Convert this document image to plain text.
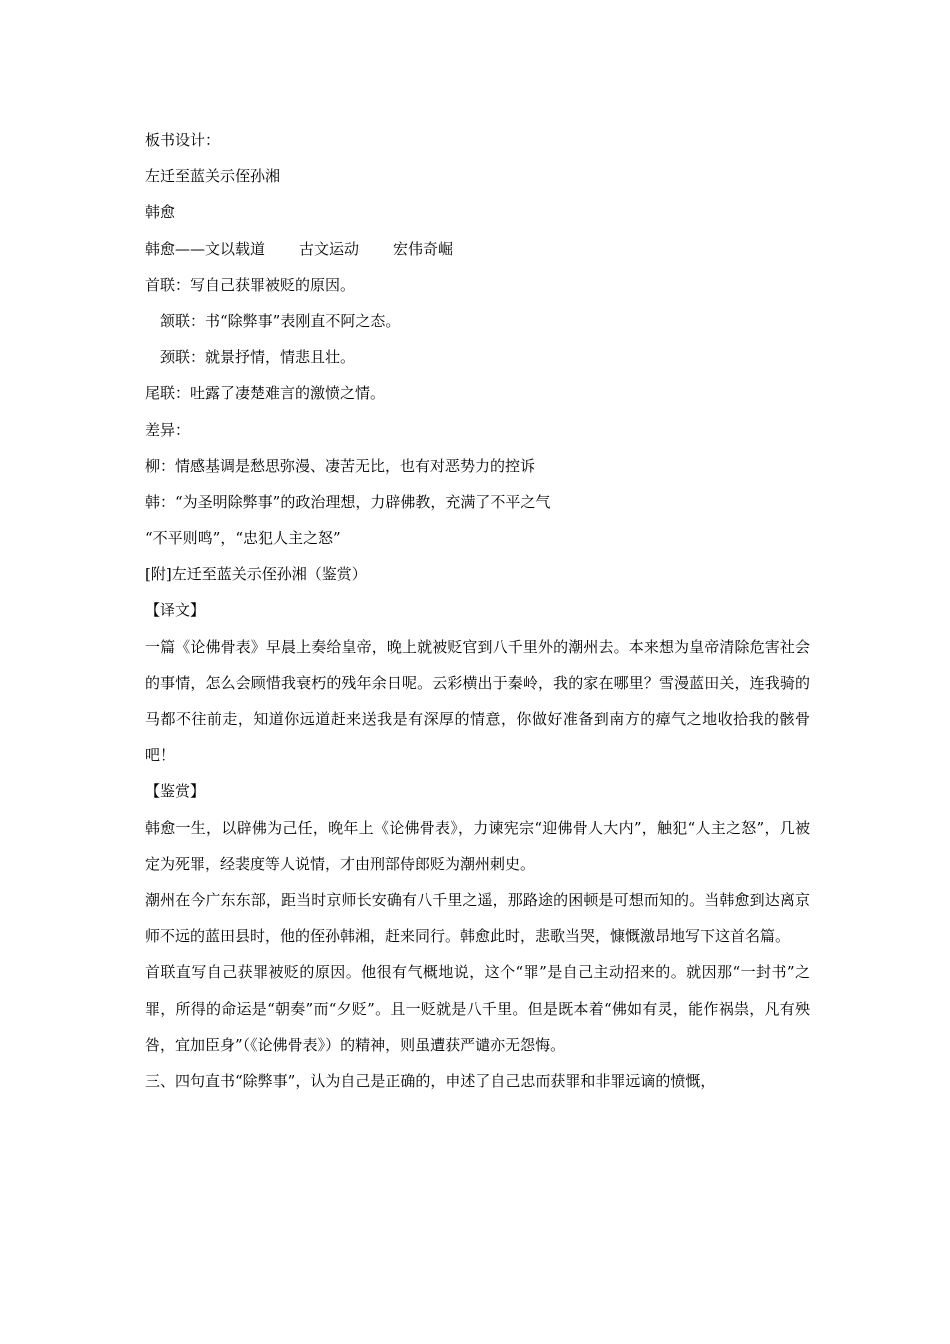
板书设计：
左迁至蓝关示侄孙湘
韩愈
韩愈——文以载道 古文运动 宏伟奇崛
首联：写自己获罪被贬的原因。
颔联：书“除弊事”表刚直不阿之态。
颈联：就景抒情，情悲且壮。
尾联：吐露了凄楚难言的激愤之情。
差异：
柳：情感基调是愁思弥漫、凄苦无比，也有对恶势力的控诉
韩：“为圣明除弊事”的政治理想，力辟佛教，充满了不平之气
“不平则鸣”，“忠犯人主之怒”
[附]左迁至蓝关示侄孙湘（鉴赏）
【译文】

一篇《论佛骨表》早晨上奏给皇帝，晚上就被贬官到八千里外的潮州去。本来想为皇帝清除危害社会的事情，怎么会顾惜我衰朽的残年余日呢。云彩横出于秦岭，我的家在哪里？雪漫蓝田关，连我骑的马都不往前走，知道你远道赶来送我是有深厚的情意，你做好准备到南方的瘴气之地收拾我的骸骨吧！

【鉴赏】

韩愈一生，以辟佛为己任，晚年上《论佛骨表》，力谏宪宗“迎佛骨人大内”，触犯“人主之怒”，几被定为死罪，经裴度等人说情，才由刑部侍郎贬为潮州刺史。

潮州在今广东东部，距当时京师长安确有八千里之遥，那路途的困顿是可想而知的。当韩愈到达离京师不远的蓝田县时，他的侄孙韩湘，赶来同行。韩愈此时，悲歌当哭，慷慨激昂地写下这首名篇。

首联直写自己获罪被贬的原因。他很有气概地说，这个“罪”是自己主动招来的。就因那“一封书”之罪，所得的命运是“朝奏”而“夕贬”。且一贬就是八千里。但是既本着“佛如有灵，能作祸祟，凡有殃咎，宜加臣身”（《论佛骨表》）的精神，则虽遭获严谴亦无怨悔。

三、四句直书“除弊事”，认为自己是正确的，申述了自己忠而获罪和非罪远谪的愤慨，
